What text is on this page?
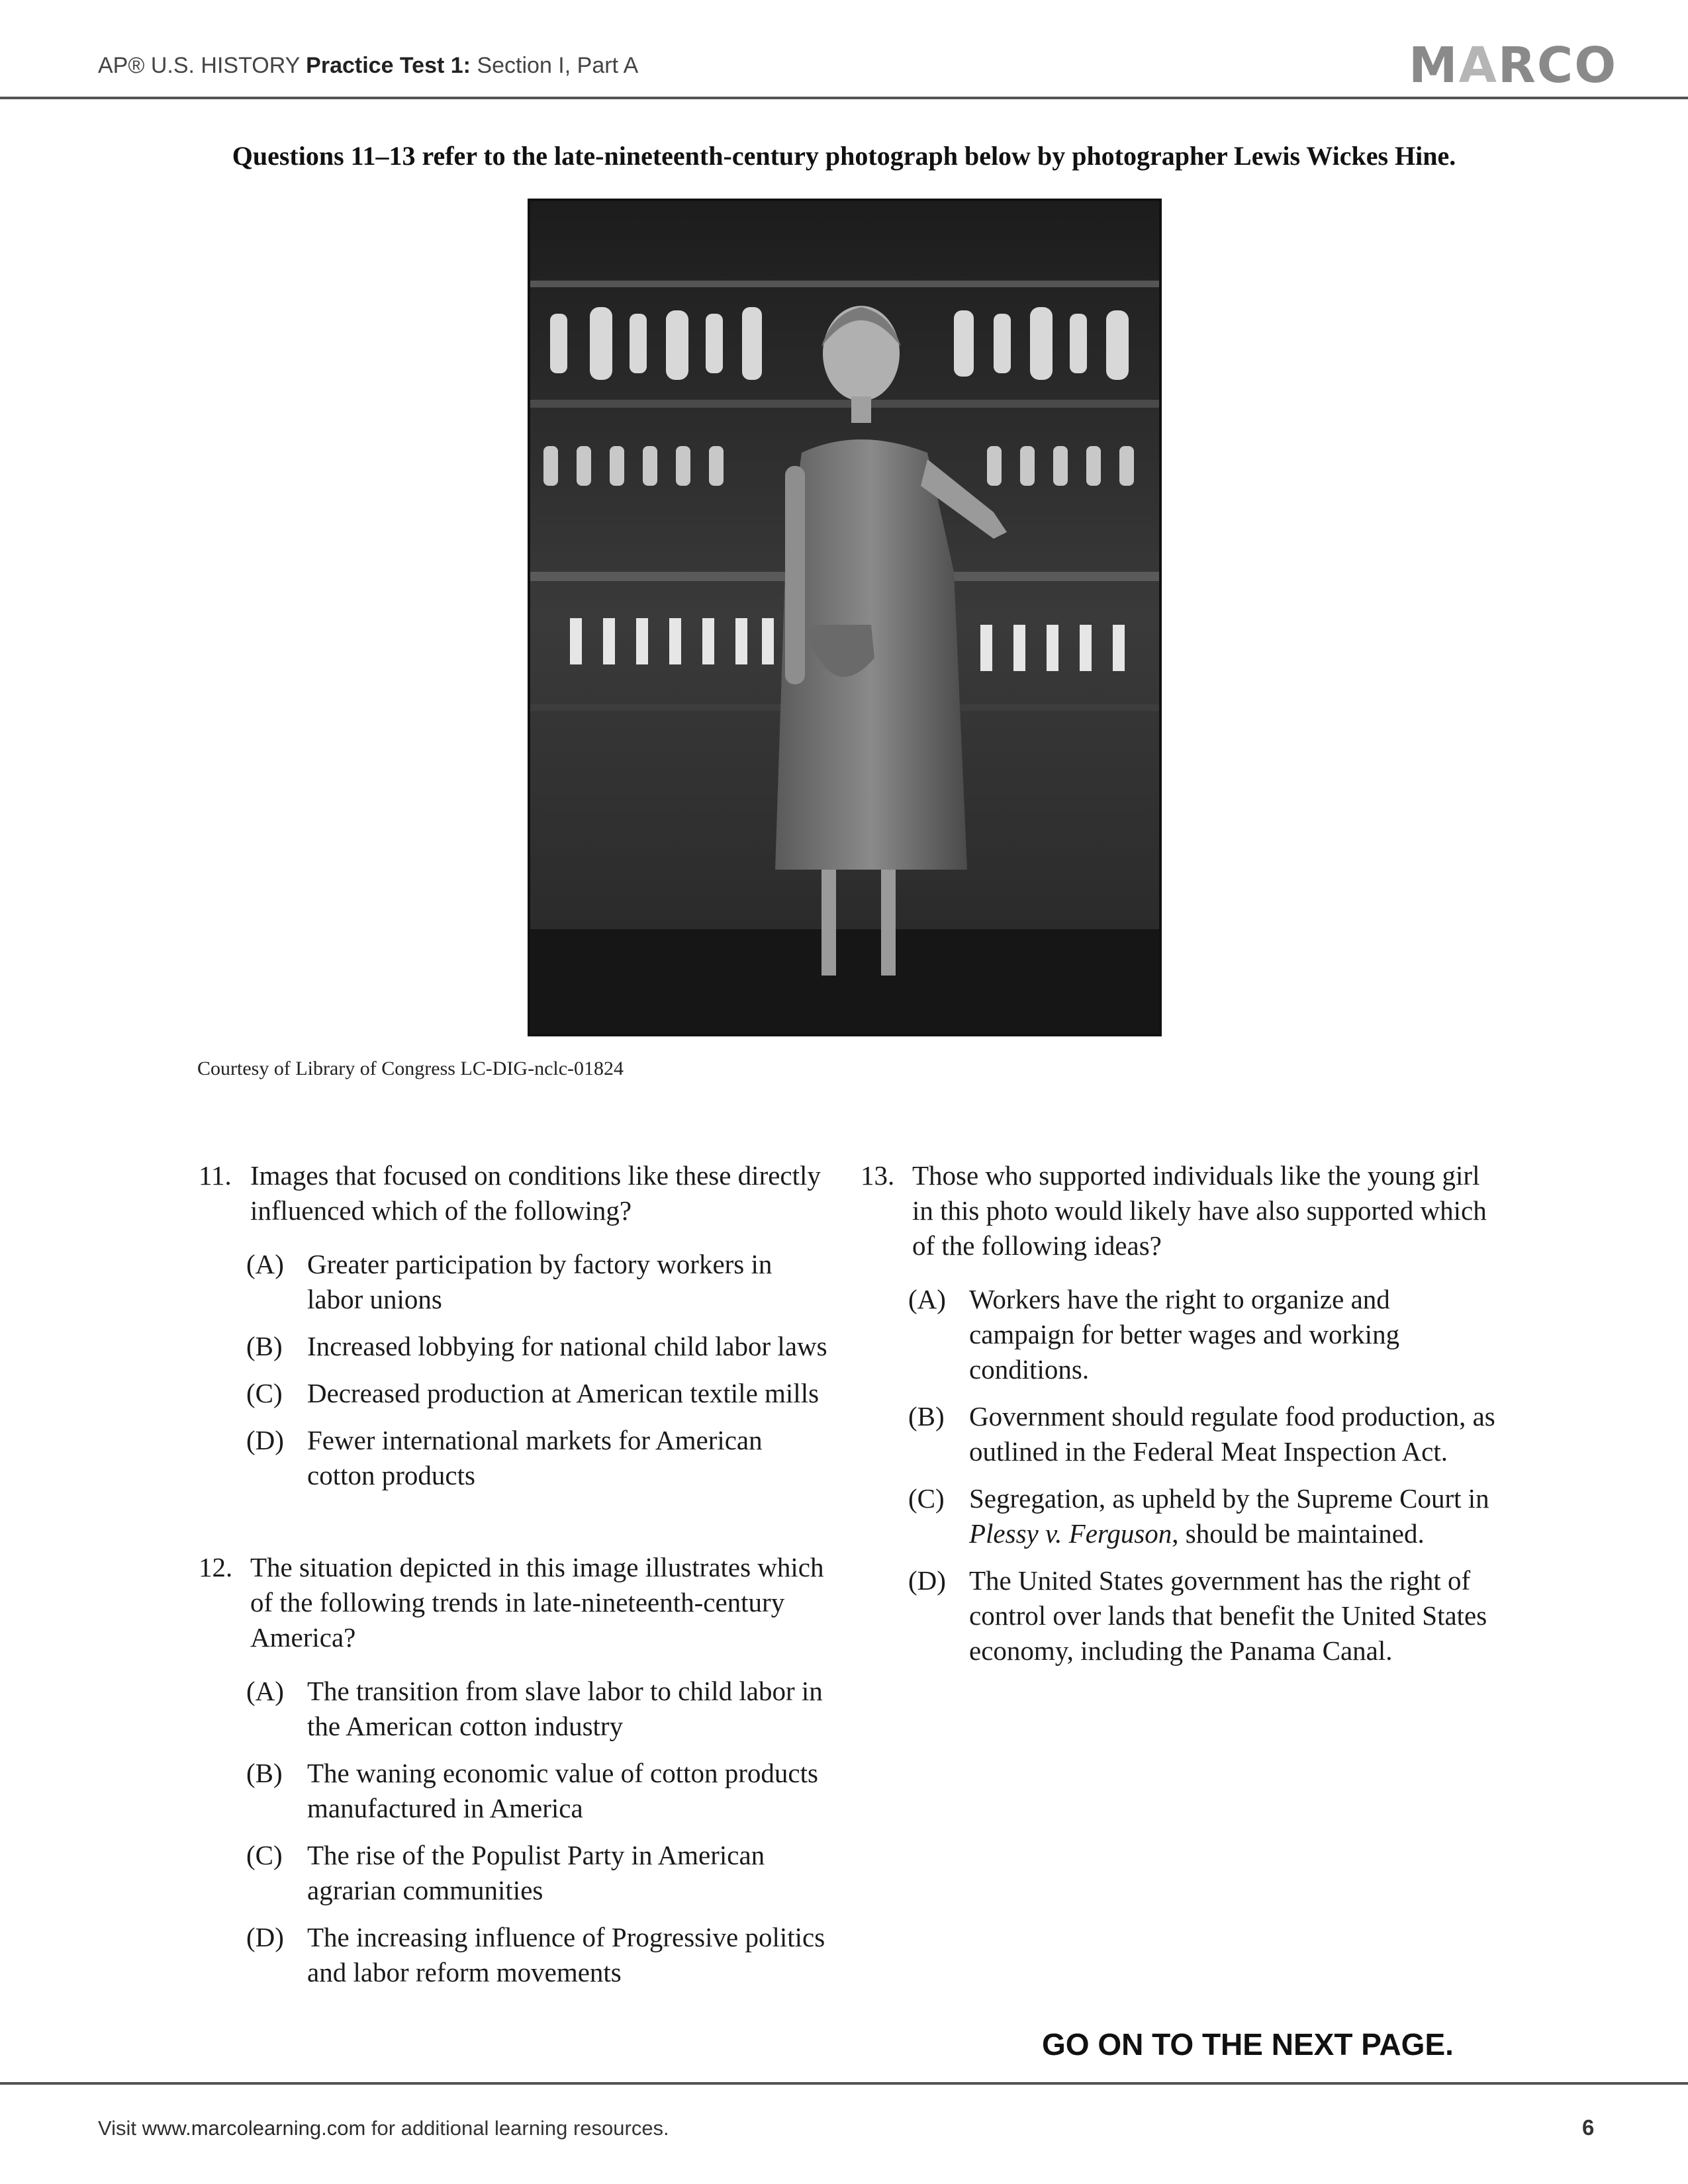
AP® U.S. HISTORY Practice Test 1: Section I, Part A	MARCO
Questions 11–13 refer to the late-nineteenth-century photograph below by photographer Lewis Wickes Hine.
Courtesy of Library of Congress LC-DIG-nclc-01824
11. Images that focused on conditions like these directly influenced which of the following?
(A) Greater participation by factory workers in labor unions
(B) Increased lobbying for national child labor laws
(C) Decreased production at American textile mills
(D) Fewer international markets for American cotton products
12. The situation depicted in this image illustrates which of the following trends in late-nineteenth-century America?
(A) The transition from slave labor to child labor in the American cotton industry
(B) The waning economic value of cotton products manufactured in America
(C) The rise of the Populist Party in American agrarian communities
(D) The increasing influence of Progressive politics and labor reform movements
13. Those who supported individuals like the young girl in this photo would likely have also supported which of the following ideas?
(A) Workers have the right to organize and campaign for better wages and working conditions.
(B) Government should regulate food production, as outlined in the Federal Meat Inspection Act.
(C) Segregation, as upheld by the Supreme Court in Plessy v. Ferguson, should be maintained.
(D) The United States government has the right of control over lands that benefit the United States economy, including the Panama Canal.
GO ON TO THE NEXT PAGE.
Visit www.marcolearning.com for additional learning resources.	6
